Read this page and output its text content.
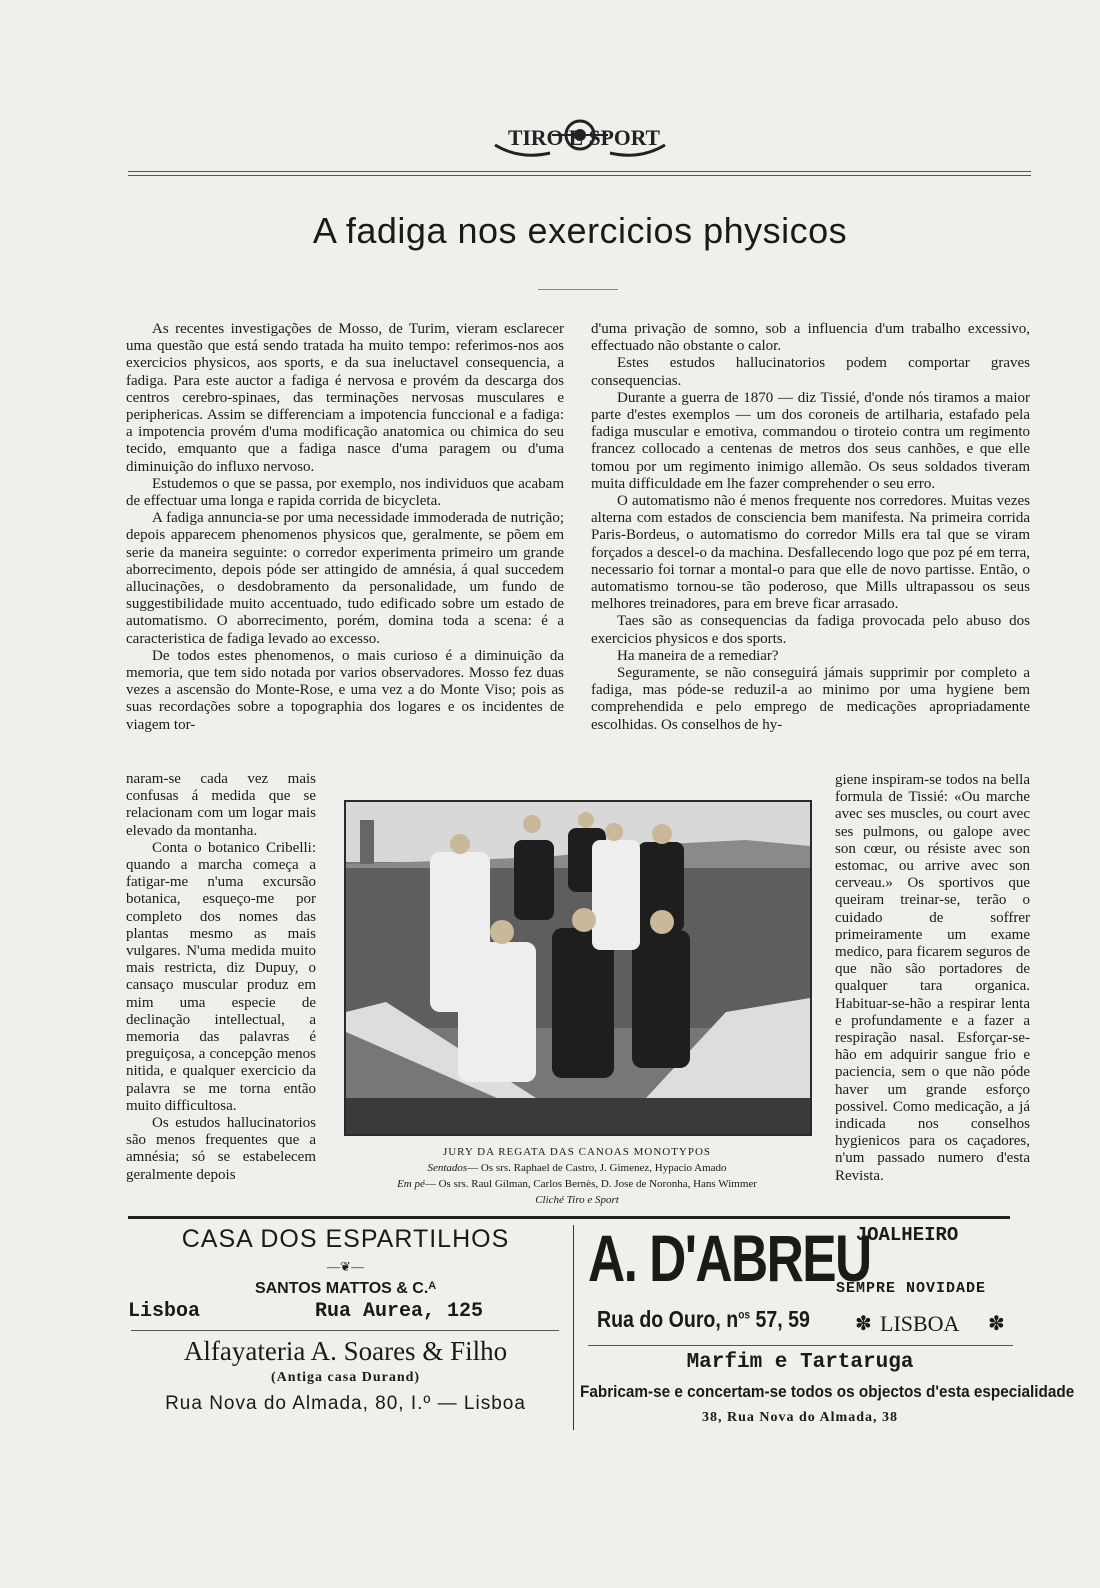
TIRO E SPORT
A fadiga nos exercicios physicos

As recentes investigações de Mosso, de Turim, vieram esclarecer uma questão que está sendo tratada ha muito tempo: referimos-nos aos exercicios physicos, aos sports, e da sua ineluctavel consequencia, a fadiga. Para este auctor a fadiga é nervosa e provém da descarga dos centros cerebro-spinaes, das terminações nervosas musculares e periphericas. Assim se differenciam a impotencia funccional e a fadiga: a impotencia provém d'uma modificação anatomica ou chimica do seu tecido, emquanto que a fadiga nasce d'uma paragem ou d'uma diminuição do influxo nervoso.

Estudemos o que se passa, por exemplo, nos individuos que acabam de effectuar uma longa e rapida corrida de bicycleta.

A fadiga annuncia-se por uma necessidade immoderada de nutrição; depois apparecem phenomenos physicos que, geralmente, se põem em serie da maneira seguinte: o corredor experimenta primeiro um grande aborrecimento, depois póde ser attingido de amnésia, á qual succedem allucinações, o desdobramento da personalidade, um fundo de suggestibilidade muito accentuado, tudo edificado sobre um estado de automatismo. O aborrecimento, porém, domina toda a scena: é a caracteristica de fadiga levado ao excesso.

De todos estes phenomenos, o mais curioso é a diminuição da memoria, que tem sido notada por varios observadores. Mosso fez duas vezes a ascensão do Monte-Rose, e uma vez a do Monte Viso; pois as suas recordações sobre a topographia dos logares e os incidentes de viagem tor-

naram-se cada vez mais confusas á medida que se relacionam com um logar mais elevado da montanha.

Conta o botanico Cribelli: quando a marcha começa a fatigar-me n'uma excursão botanica, esqueço-me por completo dos nomes das plantas mesmo as mais vulgares. N'uma medida muito mais restricta, diz Dupuy, o cansaço muscular produz em mim uma especie de declinação intellectual, a memoria das palavras é preguiçosa, a concepção menos nitida, e qualquer exercicio da palavra se me torna então muito difficultosa.

Os estudos hallucinatorios são menos frequentes que a amnésia; só se estabelecem geralmente depois

d'uma privação de somno, sob a influencia d'um trabalho excessivo, effectuado não obstante o calor.

Estes estudos hallucinatorios podem comportar graves consequencias.

Durante a guerra de 1870 — diz Tissié, d'onde nós tiramos a maior parte d'estes exemplos — um dos coroneis de artilharia, estafado pela fadiga muscular e emotiva, commandou o tiroteio contra um regimento francez collocado a centenas de metros dos seus canhões, e que elle tomou por um regimento inimigo allemão. Os seus soldados tiveram muita difficuldade em lhe fazer comprehender o seu erro.

O automatismo não é menos frequente nos corredores. Muitas vezes alterna com estados de consciencia bem manifesta. Na primeira corrida Paris-Bordeus, o automatismo do corredor Mills era tal que se viram forçados a descel-o da machina. Desfallecendo logo que poz pé em terra, necessario foi tornar a montal-o para que elle de novo partisse. Então, o automatismo tornou-se tão poderoso, que Mills ultrapassou os seus melhores treinadores, para em breve ficar arrasado.

Taes são as consequencias da fadiga provocada pelo abuso dos exercicios physicos e dos sports.

Ha maneira de a remediar?

Seguramente, se não conseguirá jámais supprimir por completo a fadiga, mas póde-se reduzil-a ao minimo por uma hygiene bem comprehendida e pelo emprego de medicações apropriadamente escolhidas. Os conselhos de hy-

giene inspiram-se todos na bella formula de Tissié: «Ou marche avec ses muscles, ou court avec ses pulmons, ou galope avec son cœur, ou résiste avec son estomac, ou arrive avec son cerveau.» Os sportivos que queiram treinar-se, terão o cuidado de soffrer primeiramente um exame medico, para ficarem seguros de que não são portadores de qualquer tara organica. Habituar-se-hão a respirar lenta e profundamente e a fazer a respiração nasal. Esforçar-se-hão em adquirir sangue frio e paciencia, sem o que não póde haver um grande esforço possivel. Como medicação, a já indicada nos conselhos hygienicos para os caçadores, n'um passado numero d'esta Revista.

JURY DA REGATA DAS CANOAS MONOTYPOS
Sentados— Os srs. Raphael de Castro, J. Gimenez, Hypacio Amado
Em pé— Os srs. Raul Gilman, Carlos Bernès, D. Jose de Noronha, Hans Wimmer
Cliché Tiro e Sport
CASA DOS ESPARTILHOS
—❦—
SANTOS MATTOS & C.ᴬ
Lisboa	Rua Aurea, 125
Alfayateria A. Soares & Filho
(Antiga casa Durand)
Rua Nova do Almada, 80, I.º — Lisboa
A. D'ABREU
JOALHEIRO
SEMPRE NOVIDADE
Rua do Ouro, $n^{os}$ 57, 59 ✽ LISBOA ✽
Marfim e Tartaruga
Fabricam-se e concertam-se todos os objectos d'esta especialidade
38, Rua Nova do Almada, 38
